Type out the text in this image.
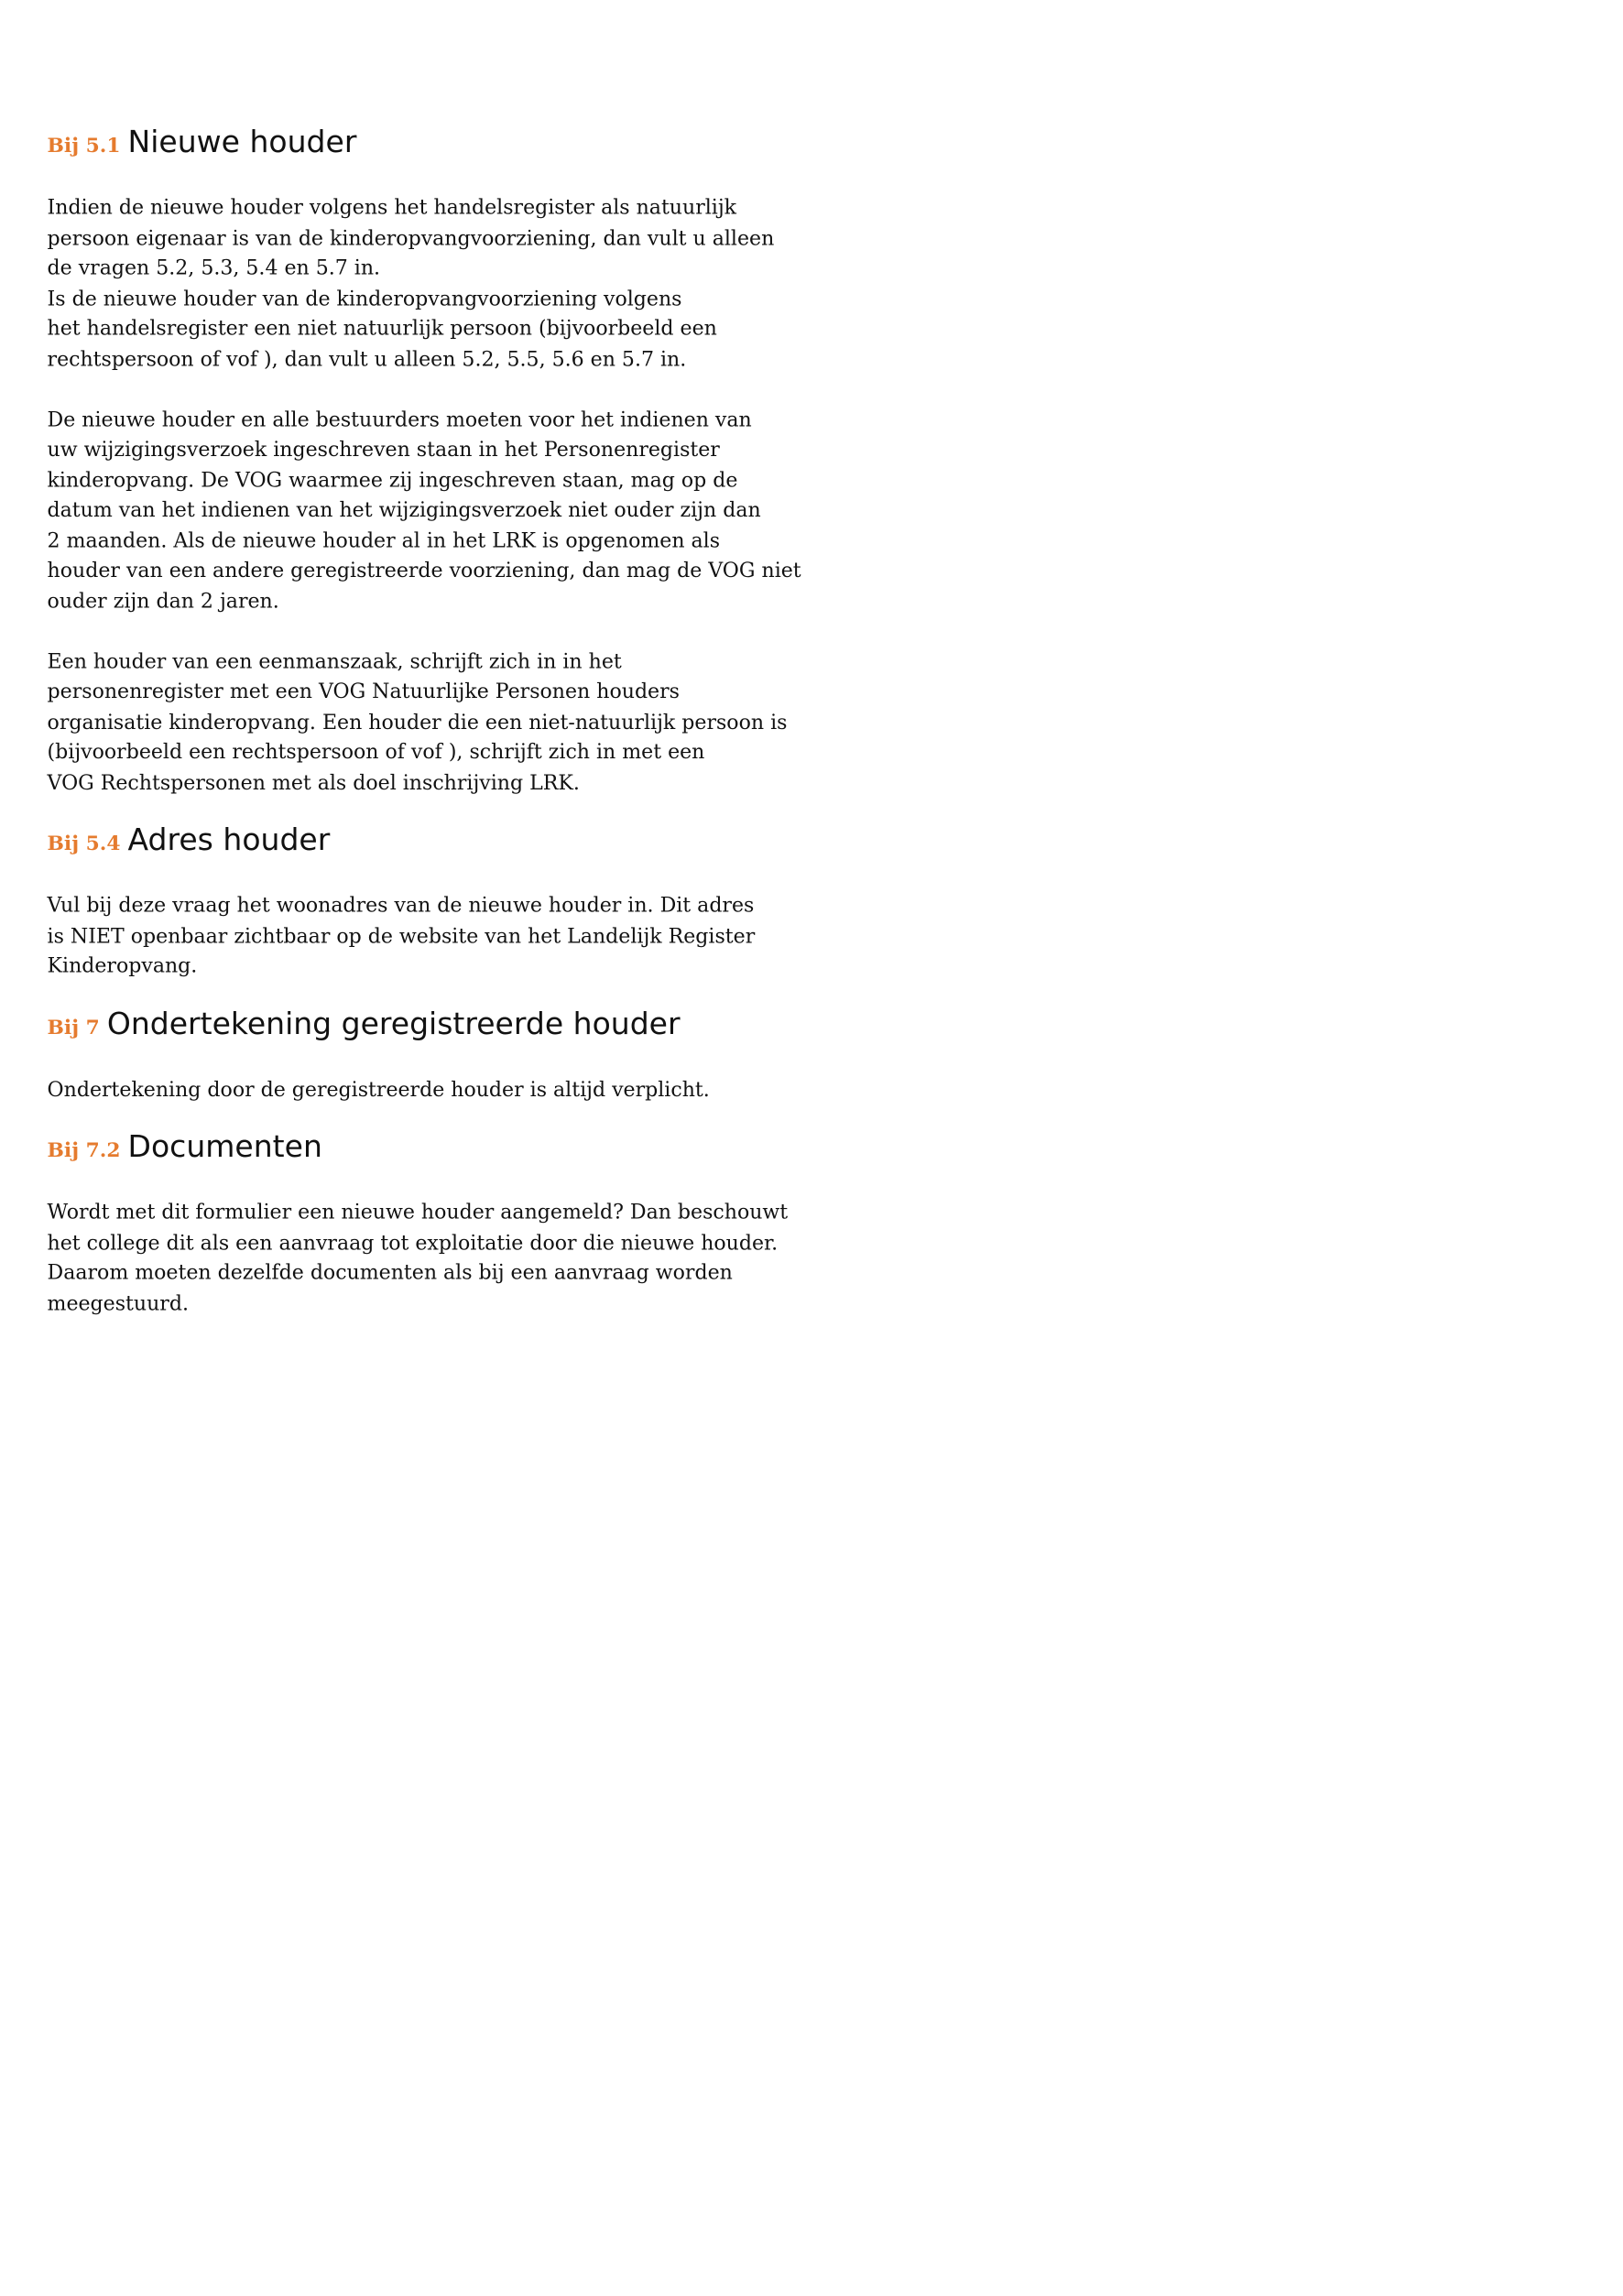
Bij 5.1 Nieuwe houder

Indien de nieuwe houder volgens het handelsregister als natuurlijk
persoon eigenaar is van de kinderopvangvoorziening, dan vult u alleen
de vragen 5.2, 5.3, 5.4 en 5.7 in.
Is de nieuwe houder van de kinderopvangvoorziening volgens
het handelsregister een niet natuurlijk persoon (bijvoorbeeld een
rechtspersoon of vof ), dan vult u alleen 5.2, 5.5, 5.6 en 5.7 in.

De nieuwe houder en alle bestuurders moeten voor het indienen van
uw wijzigingsverzoek ingeschreven staan in het Personenregister
kinderopvang. De VOG waarmee zij ingeschreven staan, mag op de
datum van het indienen van het wijzigingsverzoek niet ouder zijn dan
2 maanden. Als de nieuwe houder al in het LRK is opgenomen als
houder van een andere geregistreerde voorziening, dan mag de VOG niet
ouder zijn dan 2 jaren.

Een houder van een eenmanszaak, schrijft zich in in het
personenregister met een VOG Natuurlijke Personen houders
organisatie kinderopvang. Een houder die een niet-natuurlijk persoon is
(bijvoorbeeld een rechtspersoon of vof ), schrijft zich in met een
VOG Rechtspersonen met als doel inschrijving LRK.

Bij 5.4 Adres houder

Vul bij deze vraag het woonadres van de nieuwe houder in. Dit adres
is NIET openbaar zichtbaar op de website van het Landelijk Register
Kinderopvang.

Bij 7 Ondertekening geregistreerde houder

Ondertekening door de geregistreerde houder is altijd verplicht.

Bij 7.2 Documenten

Wordt met dit formulier een nieuwe houder aangemeld? Dan beschouwt
het college dit als een aanvraag tot exploitatie door die nieuwe houder.
Daarom moeten dezelfde documenten als bij een aanvraag worden
meegestuurd.
